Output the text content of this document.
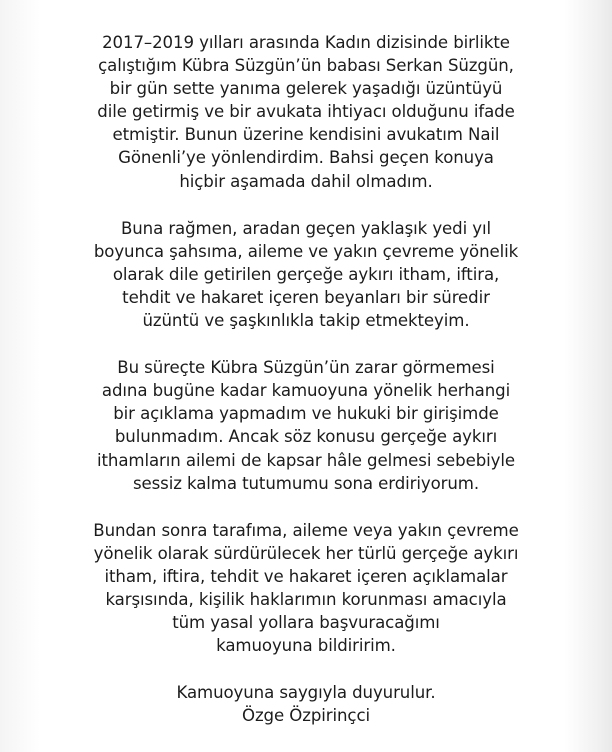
2017–2019 yılları arasında Kadın dizisinde birlikte
çalıştığım Kübra Süzgün’ün babası Serkan Süzgün,
bir gün sette yanıma gelerek yaşadığı üzüntüyü
dile getirmiş ve bir avukata ihtiyacı olduğunu ifade
etmiştir. Bunun üzerine kendisini avukatım Nail
Gönenli’ye yönlendirdim. Bahsi geçen konuya
hiçbir aşamada dahil olmadım.

Buna rağmen, aradan geçen yaklaşık yedi yıl
boyunca şahsıma, aileme ve yakın çevreme yönelik
olarak dile getirilen gerçeğe aykırı itham, iftira,
tehdit ve hakaret içeren beyanları bir süredir
üzüntü ve şaşkınlıkla takip etmekteyim.

Bu süreçte Kübra Süzgün’ün zarar görmemesi
adına bugüne kadar kamuoyuna yönelik herhangi
bir açıklama yapmadım ve hukuki bir girişimde
bulunmadım. Ancak söz konusu gerçeğe aykırı
ithamların ailemi de kapsar hâle gelmesi sebebiyle
sessiz kalma tutumumu sona erdiriyorum.

Bundan sonra tarafıma, aileme veya yakın çevreme
yönelik olarak sürdürülecek her türlü gerçeğe aykırı
itham, iftira, tehdit ve hakaret içeren açıklamalar
karşısında, kişilik haklarımın korunması amacıyla
tüm yasal yollara başvuracağımı
kamuoyuna bildiririm.

Kamuoyuna saygıyla duyurulur.
Özge Özpirinçci
